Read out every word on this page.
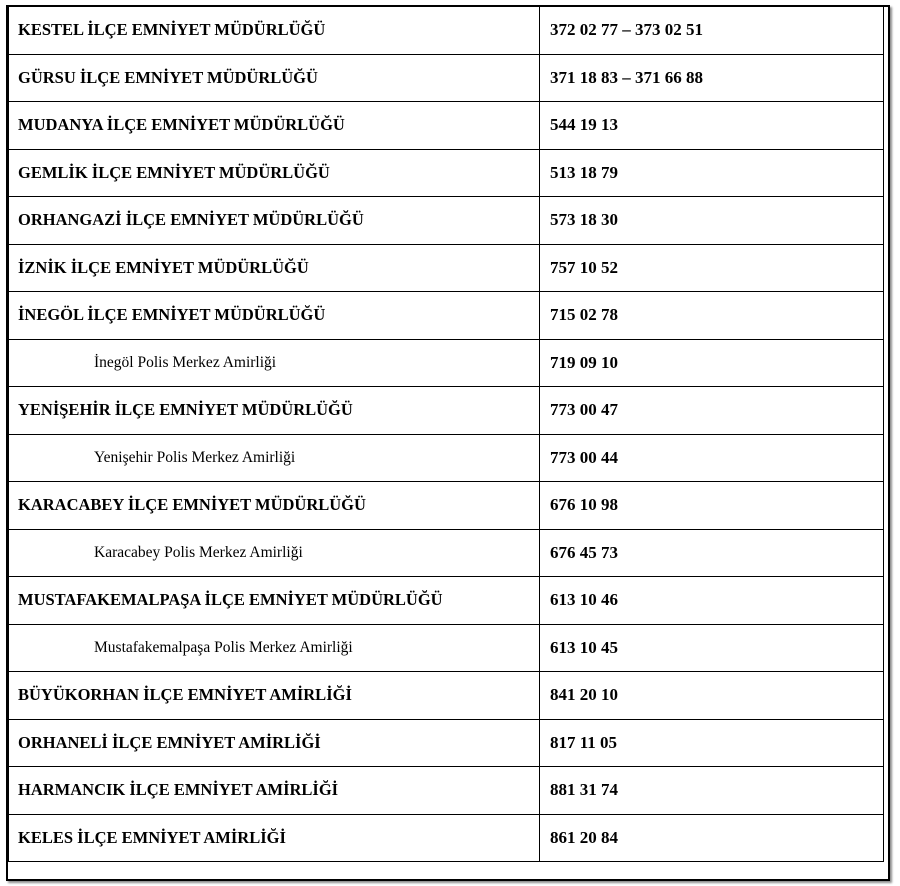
KESTEL İLÇE EMNİYET MÜDÜRLÜĞÜ	372 02 77 – 373 02 51
GÜRSU İLÇE EMNİYET MÜDÜRLÜĞÜ	371 18 83 – 371 66 88
MUDANYA İLÇE EMNİYET MÜDÜRLÜĞÜ	544 19 13
GEMLİK İLÇE EMNİYET MÜDÜRLÜĞÜ	513 18 79
ORHANGAZİ İLÇE EMNİYET MÜDÜRLÜĞÜ	573 18 30
İZNİK İLÇE EMNİYET MÜDÜRLÜĞÜ	757 10 52
İNEGÖL İLÇE EMNİYET MÜDÜRLÜĞÜ	715 02 78
İnegöl Polis Merkez Amirliği	719 09 10
YENİŞEHİR İLÇE EMNİYET MÜDÜRLÜĞÜ	773 00 47
Yenişehir Polis Merkez Amirliği	773 00 44
KARACABEY İLÇE EMNİYET MÜDÜRLÜĞÜ	676 10 98
Karacabey Polis Merkez Amirliği	676 45 73
MUSTAFAKEMALPAŞA İLÇE EMNİYET MÜDÜRLÜĞÜ	613 10 46
Mustafakemalpaşa Polis Merkez Amirliği	613 10 45
BÜYÜKORHAN İLÇE EMNİYET AMİRLİĞİ	841 20 10
ORHANELİ İLÇE EMNİYET AMİRLİĞİ	817 11 05
HARMANCIK İLÇE EMNİYET AMİRLİĞİ	881 31 74
KELES İLÇE EMNİYET AMİRLİĞİ	861 20 84
